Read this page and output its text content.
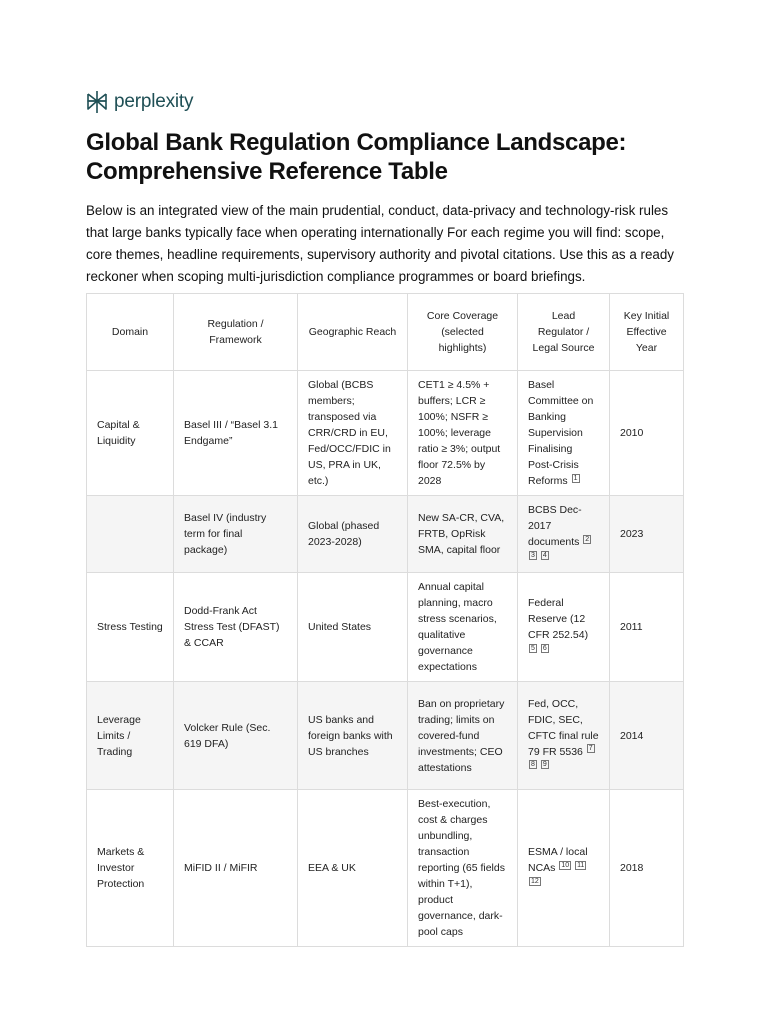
perplexity
Global Bank Regulation Compliance Landscape: Comprehensive Reference Table

Below is an integrated view of the main prudential, conduct, data-privacy and technology-risk rules that large banks typically face when operating internationally For each regime you will find: scope, core themes, headline requirements, supervisory authority and pivotal citations. Use this as a ready reckoner when scoping multi-jurisdiction compliance programmes or board briefings.

Domain	Regulation / Framework	Geographic Reach	Core Coverage (selected highlights)	Lead Regulator / Legal Source	Key Initial Effective Year
Capital & Liquidity	Basel III / “Basel 3.1 Endgame”	Global (BCBS members; transposed via CRR/CRD in EU, Fed/OCC/FDIC in US, PRA in UK, etc.)	CET1 ≥ 4.5% + buffers; LCR ≥ 100%; NSFR ≥ 100%; leverage ratio ≥ 3%; output floor 72.5% by 2028	Basel Committee on Banking Supervision Finalising Post-Crisis Reforms 1	2010
	Basel IV (industry term for final package)	Global (phased 2023-2028)	New SA-CR, CVA, FRTB, OpRisk SMA, capital floor	BCBS Dec-2017 documents 2 3 4	2023
Stress Testing	Dodd-Frank Act Stress Test (DFAST) & CCAR	United States	Annual capital planning, macro stress scenarios, qualitative governance expectations	Federal Reserve (12 CFR 252.54) 5 6	2011
Leverage Limits / Trading	Volcker Rule (Sec. 619 DFA)	US banks and foreign banks with US branches	Ban on proprietary trading; limits on covered-fund investments; CEO attestations	Fed, OCC, FDIC, SEC, CFTC final rule 79 FR 5536 7 8 9	2014
Markets & Investor Protection	MiFID II / MiFIR	EEA & UK	Best-execution, cost & charges unbundling, transaction reporting (65 fields within T+1), product governance, dark-pool caps	ESMA / local NCAs 10 11 12	2018
